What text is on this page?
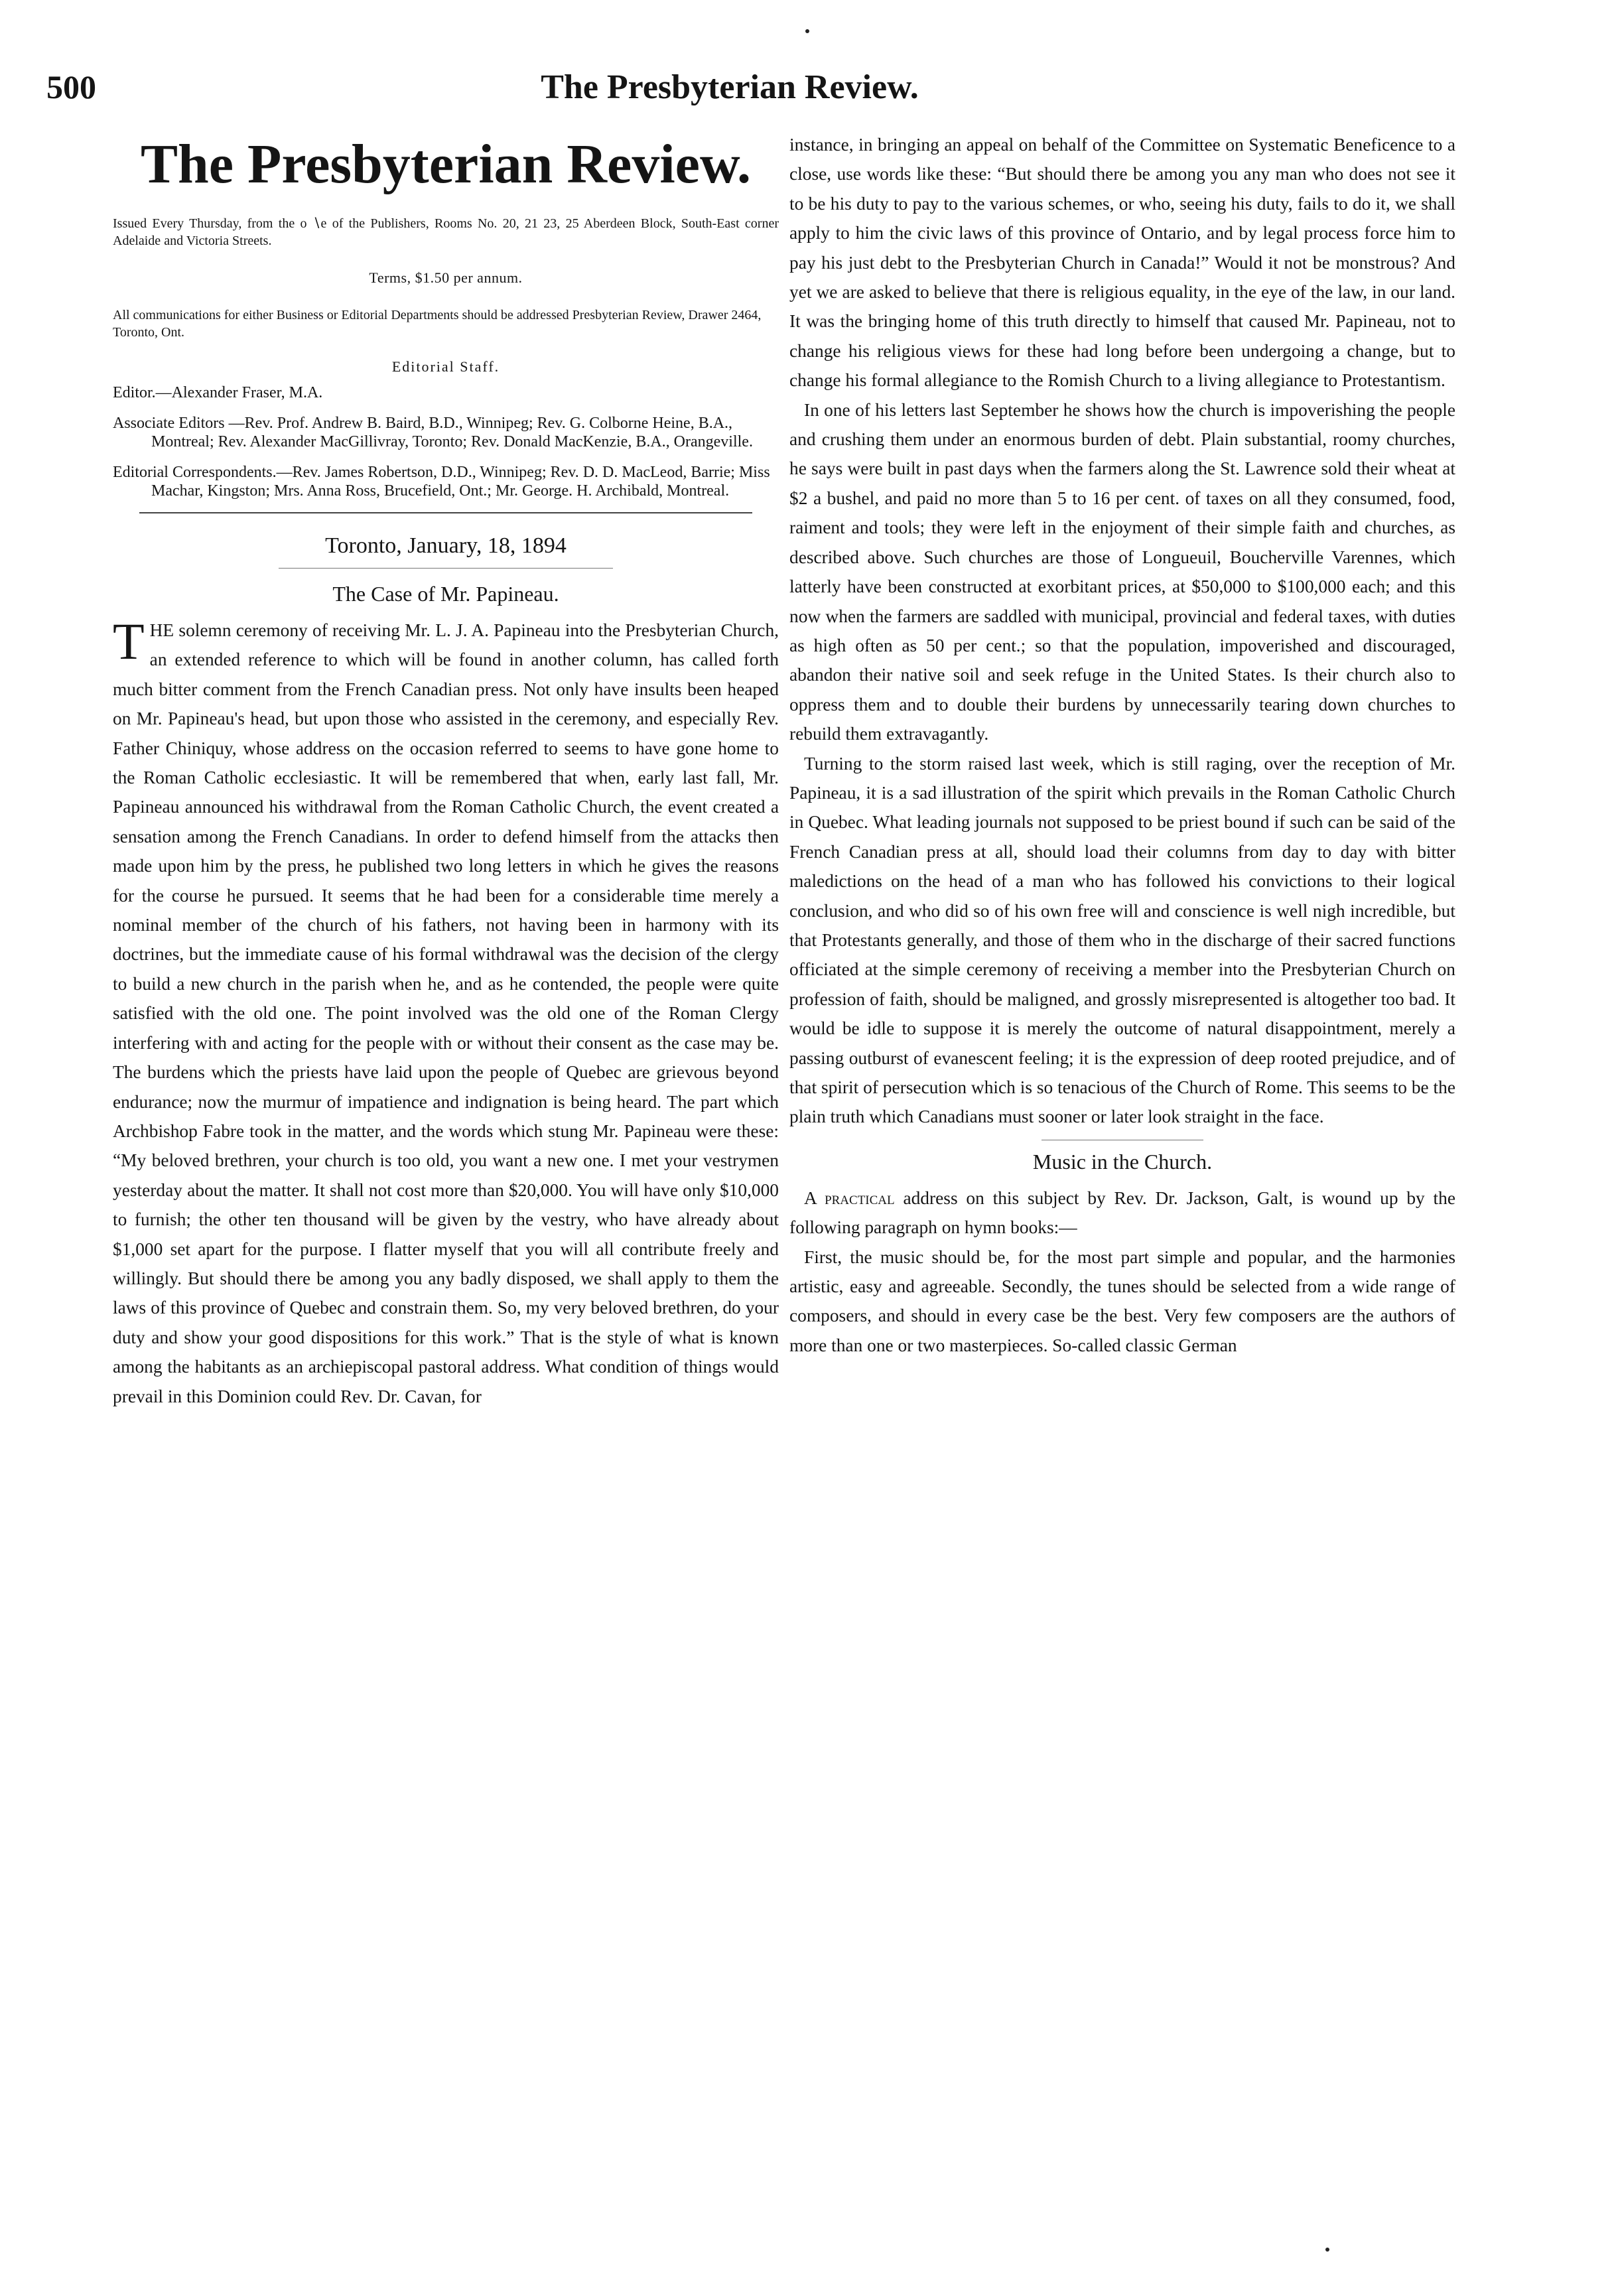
500	The Presbyterian Review.
The Presbyterian Review.
Issued Every Thursday, from the o ∖e of the Publishers, Rooms No. 20, 21 23, 25 Aberdeen Block, South-East corner Adelaide and Victoria Streets.
Terms, $1.50 per annum.
All communications for either Business or Editorial Departments should be addressed Presbyterian Review, Drawer 2464, Toronto, Ont.
Editorial Staff.

Editor.—Alexander Fraser, M.A.

Associate Editors —Rev. Prof. Andrew B. Baird, B.D., Winnipeg; Rev. G. Colborne Heine, B.A., Montreal; Rev. Alexander MacGillivray, Toronto; Rev. Donald MacKenzie, B.A., Orangeville.

Editorial Correspondents.—Rev. James Robertson, D.D., Winnipeg; Rev. D. D. MacLeod, Barrie; Miss Machar, Kingston; Mrs. Anna Ross, Brucefield, Ont.; Mr. George. H. Archibald, Montreal.

Toronto, January, 18, 1894
The Case of Mr. Papineau.

THE solemn ceremony of receiving Mr. L. J. A. Papineau into the Presbyterian Church, an extended reference to which will be found in another column, has called forth much bitter comment from the French Canadian press. Not only have insults been heaped on Mr. Papineau's head, but upon those who assisted in the ceremony, and especially Rev. Father Chiniquy, whose address on the occasion referred to seems to have gone home to the Roman Catholic ecclesiastic. It will be remembered that when, early last fall, Mr. Papineau announced his withdrawal from the Roman Catholic Church, the event created a sensation among the French Canadians. In order to defend himself from the attacks then made upon him by the press, he published two long letters in which he gives the reasons for the course he pursued. It seems that he had been for a considerable time merely a nominal member of the church of his fathers, not having been in harmony with its doctrines, but the immediate cause of his formal withdrawal was the decision of the clergy to build a new church in the parish when he, and as he contended, the people were quite satisfied with the old one. The point involved was the old one of the Roman Clergy interfering with and acting for the people with or without their consent as the case may be. The burdens which the priests have laid upon the people of Quebec are grievous beyond endurance; now the murmur of impatience and indignation is being heard. The part which Archbishop Fabre took in the matter, and the words which stung Mr. Papineau were these: “My beloved brethren, your church is too old, you want a new one. I met your vestrymen yesterday about the matter. It shall not cost more than $20,000. You will have only $10,000 to furnish; the other ten thousand will be given by the vestry, who have already about $1,000 set apart for the purpose. I flatter myself that you will all contribute freely and willingly. But should there be among you any badly disposed, we shall apply to them the laws of this province of Quebec and constrain them. So, my very beloved brethren, do your duty and show your good dispositions for this work.” That is the style of what is known among the habitants as an archiepiscopal pastoral address. What condition of things would prevail in this Dominion could Rev. Dr. Cavan, for

instance, in bringing an appeal on behalf of the Committee on Systematic Beneficence to a close, use words like these: “But should there be among you any man who does not see it to be his duty to pay to the various schemes, or who, seeing his duty, fails to do it, we shall apply to him the civic laws of this province of Ontario, and by legal process force him to pay his just debt to the Presbyterian Church in Canada!” Would it not be monstrous? And yet we are asked to believe that there is religious equality, in the eye of the law, in our land. It was the bringing home of this truth directly to himself that caused Mr. Papineau, not to change his religious views for these had long before been undergoing a change, but to change his formal allegiance to the Romish Church to a living allegiance to Protestantism.

In one of his letters last September he shows how the church is impoverishing the people and crushing them under an enormous burden of debt. Plain substantial, roomy churches, he says were built in past days when the farmers along the St. Lawrence sold their wheat at $2 a bushel, and paid no more than 5 to 16 per cent. of taxes on all they consumed, food, raiment and tools; they were left in the enjoyment of their simple faith and churches, as described above. Such churches are those of Longueuil, Boucherville Varennes, which latterly have been constructed at exorbitant prices, at $50,000 to $100,000 each; and this now when the farmers are saddled with municipal, provincial and federal taxes, with duties as high often as 50 per cent.; so that the population, impoverished and discouraged, abandon their native soil and seek refuge in the United States. Is their church also to oppress them and to double their burdens by unnecessarily tearing down churches to rebuild them extravagantly.

Turning to the storm raised last week, which is still raging, over the reception of Mr. Papineau, it is a sad illustration of the spirit which prevails in the Roman Catholic Church in Quebec. What leading journals not supposed to be priest bound if such can be said of the French Canadian press at all, should load their columns from day to day with bitter maledictions on the head of a man who has followed his convictions to their logical conclusion, and who did so of his own free will and conscience is well nigh incredible, but that Protestants generally, and those of them who in the discharge of their sacred functions officiated at the simple ceremony of receiving a member into the Presbyterian Church on profession of faith, should be maligned, and grossly misrepresented is altogether too bad. It would be idle to suppose it is merely the outcome of natural disappointment, merely a passing outburst of evanescent feeling; it is the expression of deep rooted prejudice, and of that spirit of persecution which is so tenacious of the Church of Rome. This seems to be the plain truth which Canadians must sooner or later look straight in the face.

Music in the Church.

A practical address on this subject by Rev. Dr. Jackson, Galt, is wound up by the following paragraph on hymn books:—

First, the music should be, for the most part simple and popular, and the harmonies artistic, easy and agreeable. Secondly, the tunes should be selected from a wide range of composers, and should in every case be the best. Very few composers are the authors of more than one or two masterpieces. So-called classic German
